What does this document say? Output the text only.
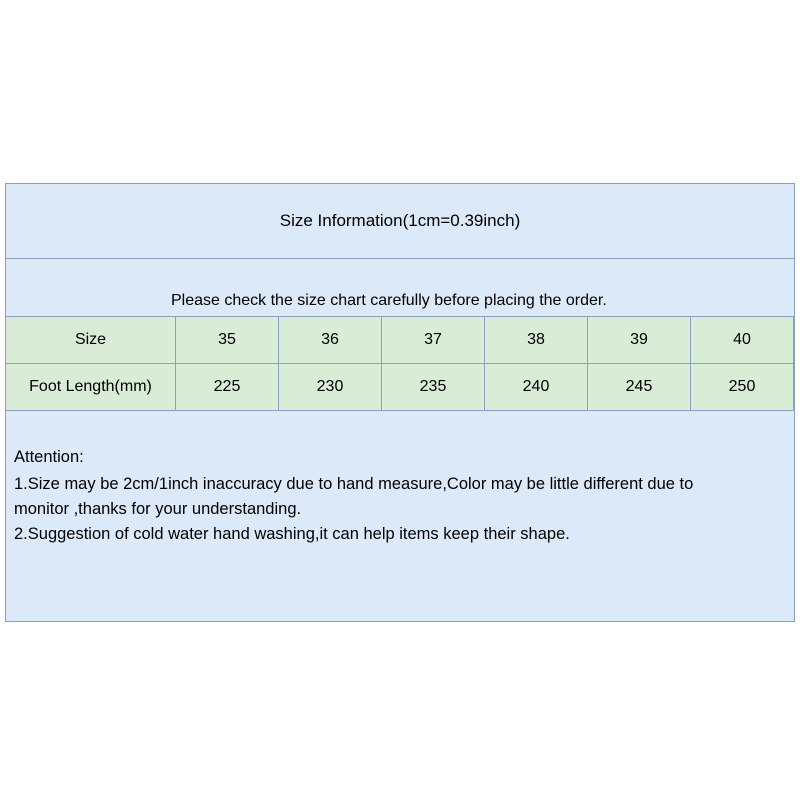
Size Information(1cm=0.39inch)
Please check the size chart carefully before placing the order.
Size	35	36	37	38	39	40
Foot Length(mm)	225	230	235	240	245	250

Attention:

1.Size may be 2cm/1inch inaccuracy due to hand measure,Color may be little different due to

monitor ,thanks for your understanding.

2.Suggestion of cold water hand washing,it can help items keep their shape.
